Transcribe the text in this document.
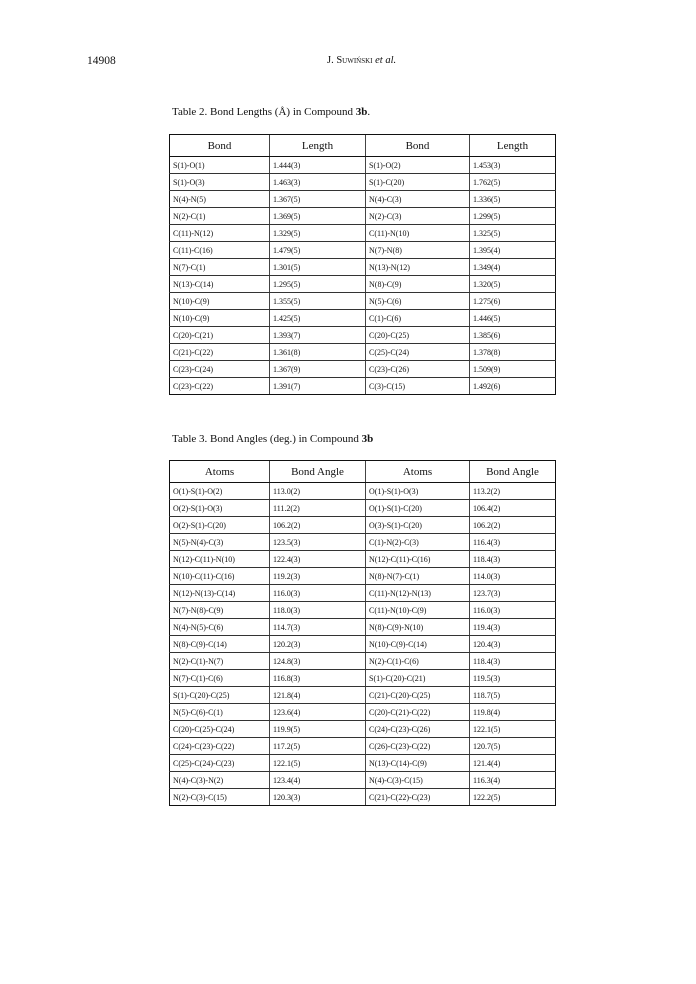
14908	J. Suwiński et al.
Table 2. Bond Lengths (Å) in Compound 3b.
Bond	Length	Bond	Length
S(1)-O(1)	1.444(3)	S(1)-O(2)	1.453(3)
S(1)-O(3)	1.463(3)	S(1)-C(20)	1.762(5)
N(4)-N(5)	1.367(5)	N(4)-C(3)	1.336(5)
N(2)-C(1)	1.369(5)	N(2)-C(3)	1.299(5)
C(11)-N(12)	1.329(5)	C(11)-N(10)	1.325(5)
C(11)-C(16)	1.479(5)	N(7)-N(8)	1.395(4)
N(7)-C(1)	1.301(5)	N(13)-N(12)	1.349(4)
N(13)-C(14)	1.295(5)	N(8)-C(9)	1.320(5)
N(10)-C(9)	1.355(5)	N(5)-C(6)	1.275(6)
N(10)-C(9)	1.425(5)	C(1)-C(6)	1.446(5)
C(20)-C(21)	1.393(7)	C(20)-C(25)	1.385(6)
C(21)-C(22)	1.361(8)	C(25)-C(24)	1.378(8)
C(23)-C(24)	1.367(9)	C(23)-C(26)	1.509(9)
C(23)-C(22)	1.391(7)	C(3)-C(15)	1.492(6)
Table 3. Bond Angles (deg.) in Compound 3b
Atoms	Bond Angle	Atoms	Bond Angle
O(1)-S(1)-O(2)	113.0(2)	O(1)-S(1)-O(3)	113.2(2)
O(2)-S(1)-O(3)	111.2(2)	O(1)-S(1)-C(20)	106.4(2)
O(2)-S(1)-C(20)	106.2(2)	O(3)-S(1)-C(20)	106.2(2)
N(5)-N(4)-C(3)	123.5(3)	C(1)-N(2)-C(3)	116.4(3)
N(12)-C(11)-N(10)	122.4(3)	N(12)-C(11)-C(16)	118.4(3)
N(10)-C(11)-C(16)	119.2(3)	N(8)-N(7)-C(1)	114.0(3)
N(12)-N(13)-C(14)	116.0(3)	C(11)-N(12)-N(13)	123.7(3)
N(7)-N(8)-C(9)	118.0(3)	C(11)-N(10)-C(9)	116.0(3)
N(4)-N(5)-C(6)	114.7(3)	N(8)-C(9)-N(10)	119.4(3)
N(8)-C(9)-C(14)	120.2(3)	N(10)-C(9)-C(14)	120.4(3)
N(2)-C(1)-N(7)	124.8(3)	N(2)-C(1)-C(6)	118.4(3)
N(7)-C(1)-C(6)	116.8(3)	S(1)-C(20)-C(21)	119.5(3)
S(1)-C(20)-C(25)	121.8(4)	C(21)-C(20)-C(25)	118.7(5)
N(5)-C(6)-C(1)	123.6(4)	C(20)-C(21)-C(22)	119.8(4)
C(20)-C(25)-C(24)	119.9(5)	C(24)-C(23)-C(26)	122.1(5)
C(24)-C(23)-C(22)	117.2(5)	C(26)-C(23)-C(22)	120.7(5)
C(25)-C(24)-C(23)	122.1(5)	N(13)-C(14)-C(9)	121.4(4)
N(4)-C(3)-N(2)	123.4(4)	N(4)-C(3)-C(15)	116.3(4)
N(2)-C(3)-C(15)	120.3(3)	C(21)-C(22)-C(23)	122.2(5)
